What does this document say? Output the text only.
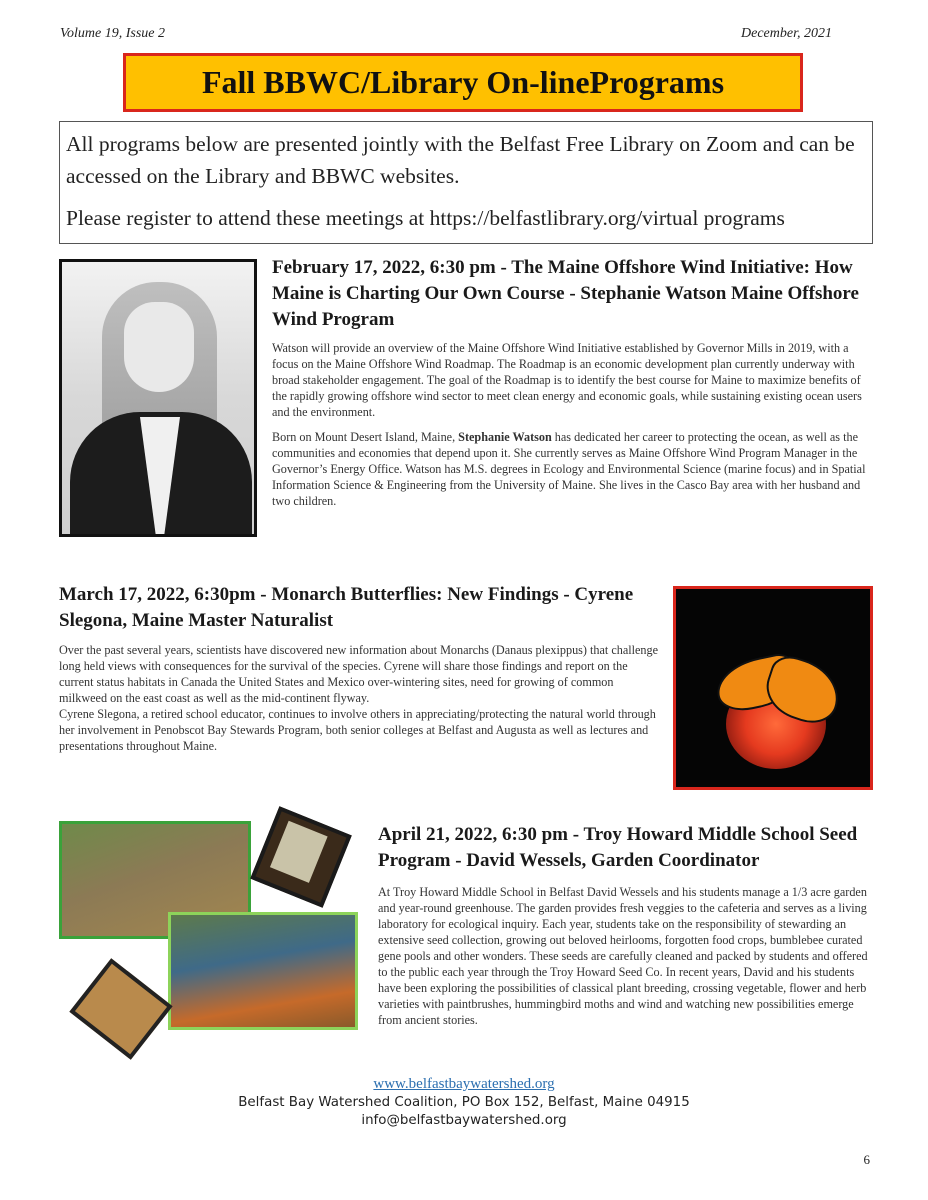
Volume 19, Issue 2	December, 2021
Fall BBWC/Library On-linePrograms

All programs below are presented jointly with the Belfast Free Library on Zoom and can be accessed on the Library and BBWC websites.

Please register to attend these meetings at https://belfastlibrary.org/virtual programs

February 17, 2022, 6:30 pm - The Maine Offshore Wind Initiative: How Maine is Charting Our Own Course - Stephanie Watson Maine Offshore Wind Program

Watson will provide an overview of the Maine Offshore Wind Initiative established by Governor Mills in 2019, with a focus on the Maine Offshore Wind Roadmap. The Roadmap is an economic development plan currently underway with broad stakeholder engagement. The goal of the Roadmap is to identify the best course for Maine to maximize benefits of the rapidly growing offshore wind sector to meet clean energy and economic goals, while sustaining existing ocean users and the environment.

Born on Mount Desert Island, Maine, Stephanie Watson has dedicated her career to protecting the ocean, as well as the communities and economies that depend upon it. She currently serves as Maine Offshore Wind Program Manager in the Governor’s Energy Office. Watson has M.S. degrees in Ecology and Environmental Science (marine focus) and in Spatial Information Science & Engineering from the University of Maine. She lives in the Casco Bay area with her husband and two children.

March 17, 2022, 6:30pm - Monarch Butterflies: New Findings - Cyrene Slegona, Maine Master Naturalist

Over the past several years, scientists have discovered new information about Monarchs (Danaus plexippus) that challenge long held views with consequences for the survival of the species. Cyrene will share those findings and report on the current status habitats in Canada the United States and Mexico over-wintering sites, need for growing of common milkweed on the east coast as well as the mid-continent flyway.

Cyrene Slegona, a retired school educator, continues to involve others in appreciating/protecting the natural world through her involvement in Penobscot Bay Stewards Program, both senior colleges at Belfast and Augusta as well as lectures and presentations throughout Maine.

April 21, 2022, 6:30 pm - Troy Howard Middle School Seed Program - David Wessels, Garden Coordinator

At Troy Howard Middle School in Belfast David Wessels and his students manage a 1/3 acre garden and year-round greenhouse. The garden provides fresh veggies to the cafeteria and serves as a living laboratory for ecological inquiry. Each year, students take on the responsibility of stewarding an extensive seed collection, growing out beloved heirlooms, forgotten food crops, bumblebee curated gene pools and other wonders. These seeds are carefully cleaned and packed by students and offered to the public each year through the Troy Howard Seed Co. In recent years, David and his students have been exploring the possibilities of classical plant breeding, crossing vegetable, flower and herb varieties with paintbrushes, hummingbird moths and wind and watching new possibilities emerge from ancient stories.

www.belfastbaywatershed.org
Belfast Bay Watershed Coalition, PO Box 152, Belfast, Maine 04915
info@belfastbaywatershed.org
6
